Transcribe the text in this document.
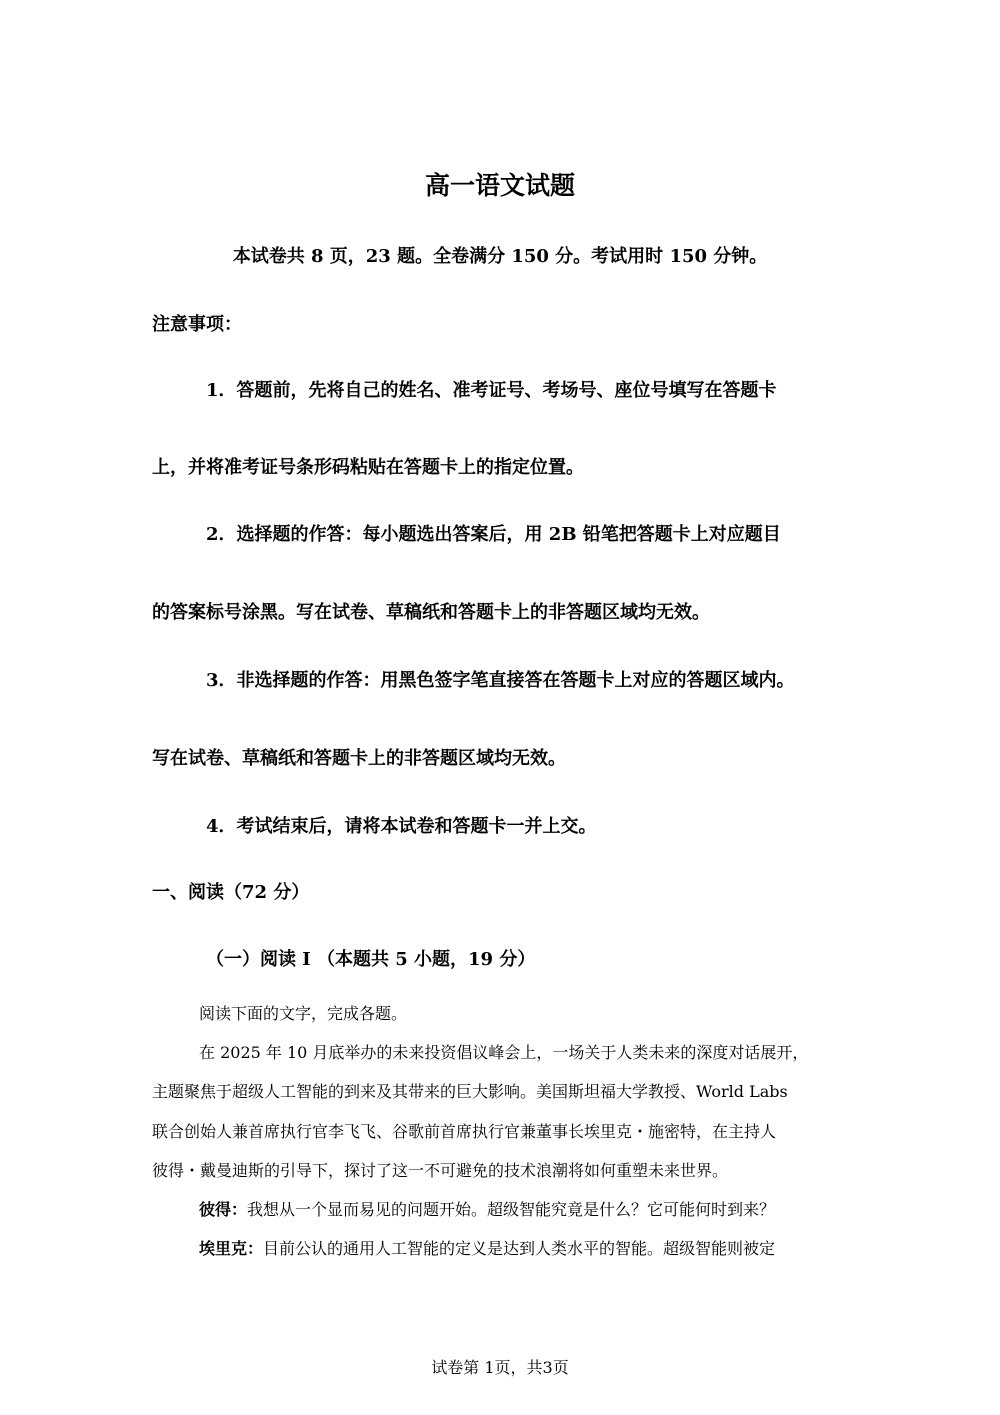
高一语文试题
本试卷共 8 页，23 题。全卷满分 150 分。考试用时 150 分钟。
注意事项：
1．答题前，先将自己的姓名、准考证号、考场号、座位号填写在答题卡
上，并将准考证号条形码粘贴在答题卡上的指定位置。
2．选择题的作答：每小题选出答案后，用 2B 铅笔把答题卡上对应题目
的答案标号涂黑。写在试卷、草稿纸和答题卡上的非答题区域均无效。
3．非选择题的作答：用黑色签字笔直接答在答题卡上对应的答题区域内。
写在试卷、草稿纸和答题卡上的非答题区域均无效。
4．考试结束后，请将本试卷和答题卡一并上交。
一、阅读（72 分）
（一）阅读 I （本题共 5 小题，19 分）
阅读下面的文字，完成各题。
在 2025 年 10 月底举办的未来投资倡议峰会上，一场关于人类未来的深度对话展开，
主题聚焦于超级人工智能的到来及其带来的巨大影响。美国斯坦福大学教授、World Labs
联合创始人兼首席执行官李飞飞、谷歌前首席执行官兼董事长埃里克・施密特，在主持人
彼得・戴曼迪斯的引导下，探讨了这一不可避免的技术浪潮将如何重塑未来世界。
彼得：我想从一个显而易见的问题开始。超级智能究竟是什么？它可能何时到来？
埃里克：目前公认的通用人工智能的定义是达到人类水平的智能。超级智能则被定
试卷第 1页，共3页
